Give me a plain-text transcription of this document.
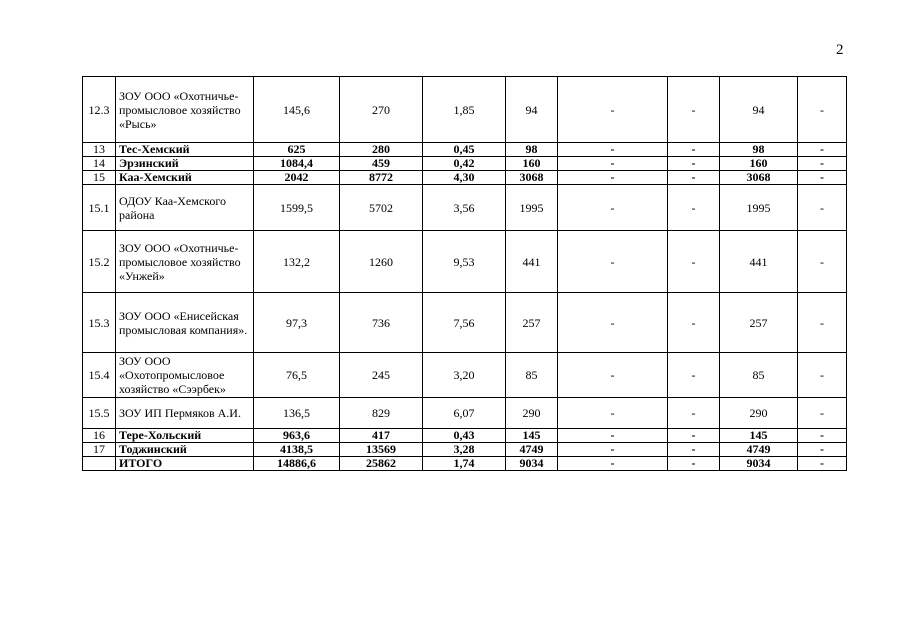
2
12.3	ЗОУ ООО «Охотничье-промысловое хозяйство «Рысь»	145,6	270	1,85	94	-	-	94	-
13	Тес-Хемский	625	280	0,45	98	-	-	98	-
14	Эрзинский	1084,4	459	0,42	160	-	-	160	-
15	Каа-Хемский	2042	8772	4,30	3068	-	-	3068	-
15.1	ОДОУ Каа-Хемского района	1599,5	5702	3,56	1995	-	-	1995	-
15.2	ЗОУ ООО «Охотничье-промысловое хозяйство «Унжей»	132,2	1260	9,53	441	-	-	441	-
15.3	ЗОУ ООО «Енисейская промысловая компания».	97,3	736	7,56	257	-	-	257	-
15.4	ЗОУ ООО «Охотопромысловое хозяйство «Сээрбек»	76,5	245	3,20	85	-	-	85	-
15.5	ЗОУ ИП Пермяков А.И.	136,5	829	6,07	290	-	-	290	-
16	Тере-Хольский	963,6	417	0,43	145	-	-	145	-
17	Тоджинский	4138,5	13569	3,28	4749	-	-	4749	-
	ИТОГО	14886,6	25862	1,74	9034	-	-	9034	-
